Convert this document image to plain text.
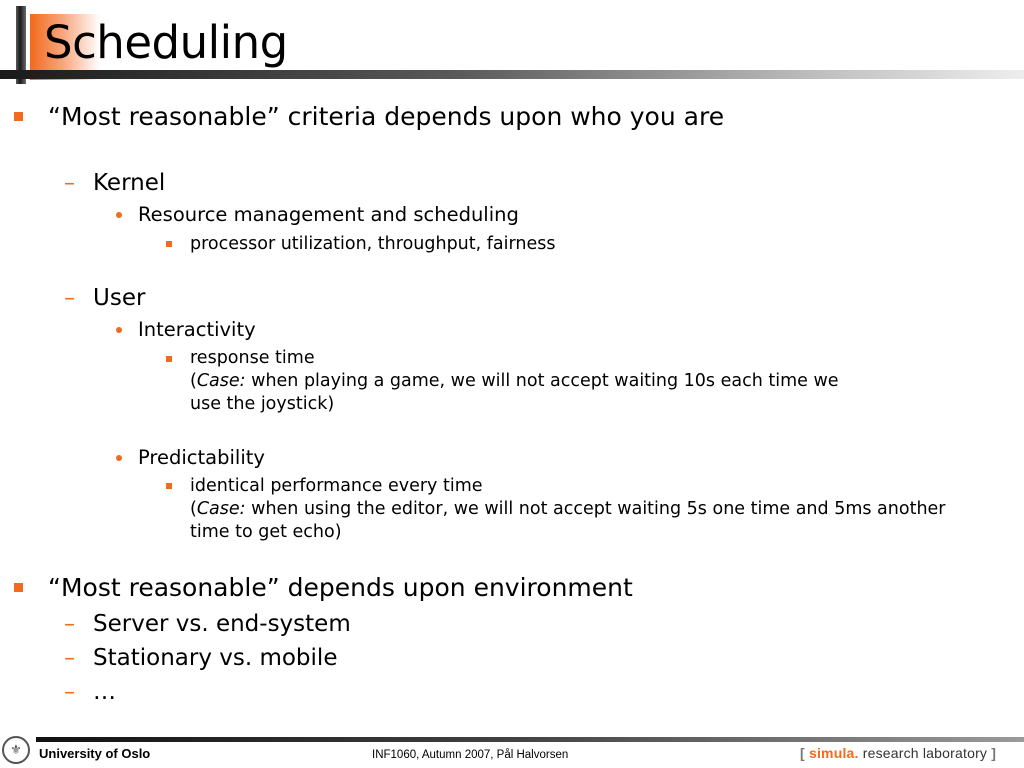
Scheduling
“Most reasonable” criteria depends upon who you are
– Kernel
Resource management and scheduling
processor utilization, throughput, fairness
– User
Interactivity
response time
(Case: when playing a game, we will not accept waiting 10s each time we
use the joystick)
Predictability
identical performance every time
(Case: when using the editor, we will not accept waiting 5s one time and 5ms another
time to get echo)
“Most reasonable” depends upon environment
– Server vs. end-system
– Stationary vs. mobile
– …
⚜	University of Oslo	INF1060, Autumn 2007, Pål Halvorsen	[ simula. research laboratory ]
